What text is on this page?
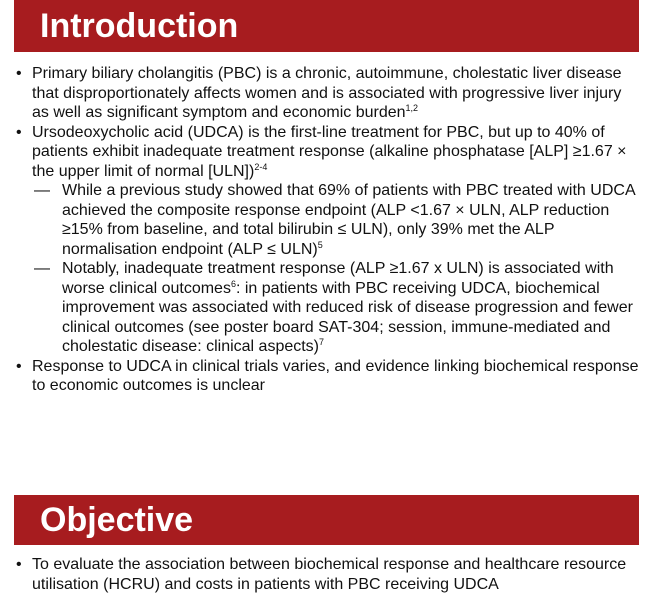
Introduction

• Primary biliary cholangitis (PBC) is a chronic, autoimmune, cholestatic liver disease that disproportionately affects women and is associated with progressive liver injury as well as significant symptom and economic burden$^{1,2}$

• Ursodeoxycholic acid (UDCA) is the first-line treatment for PBC, but up to 40% of patients exhibit inadequate treatment response (alkaline phosphatase [ALP] ≥1.67 × the upper limit of normal [ULN])$^{2-4}$

— While a previous study showed that 69% of patients with PBC treated with UDCA achieved the composite response endpoint (ALP <1.67 × ULN, ALP reduction ≥15% from baseline, and total bilirubin ≤ ULN), only 39% met the ALP normalisation endpoint (ALP ≤ ULN)$^5$

— Notably, inadequate treatment response (ALP ≥1.67 x ULN) is associated with worse clinical outcomes$^6$: in patients with PBC receiving UDCA, biochemical improvement was associated with reduced risk of disease progression and fewer clinical outcomes (see poster board SAT-304; session, immune-mediated and cholestatic disease: clinical aspects)$^7$

• Response to UDCA in clinical trials varies, and evidence linking biochemical response to economic outcomes is unclear

Objective

• To evaluate the association between biochemical response and healthcare resource utilisation (HCRU) and costs in patients with PBC receiving UDCA
